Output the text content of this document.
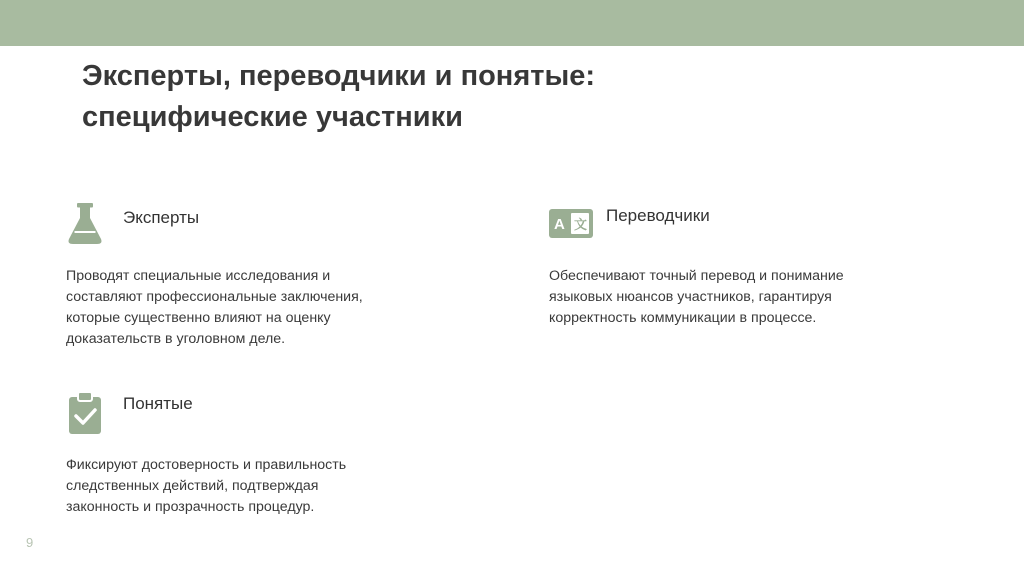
Эксперты, переводчики и понятые:
специфические участники
Эксперты
Проводят специальные исследования и
составляют профессиональные заключения,
которые существенно влияют на оценку
доказательств в уголовном деле.
A 文 Переводчики
Обеспечивают точный перевод и понимание
языковых нюансов участников, гарантируя
корректность коммуникации в процессе.
Понятые
Фиксируют достоверность и правильность
следственных действий, подтверждая
законность и прозрачность процедур.
9
